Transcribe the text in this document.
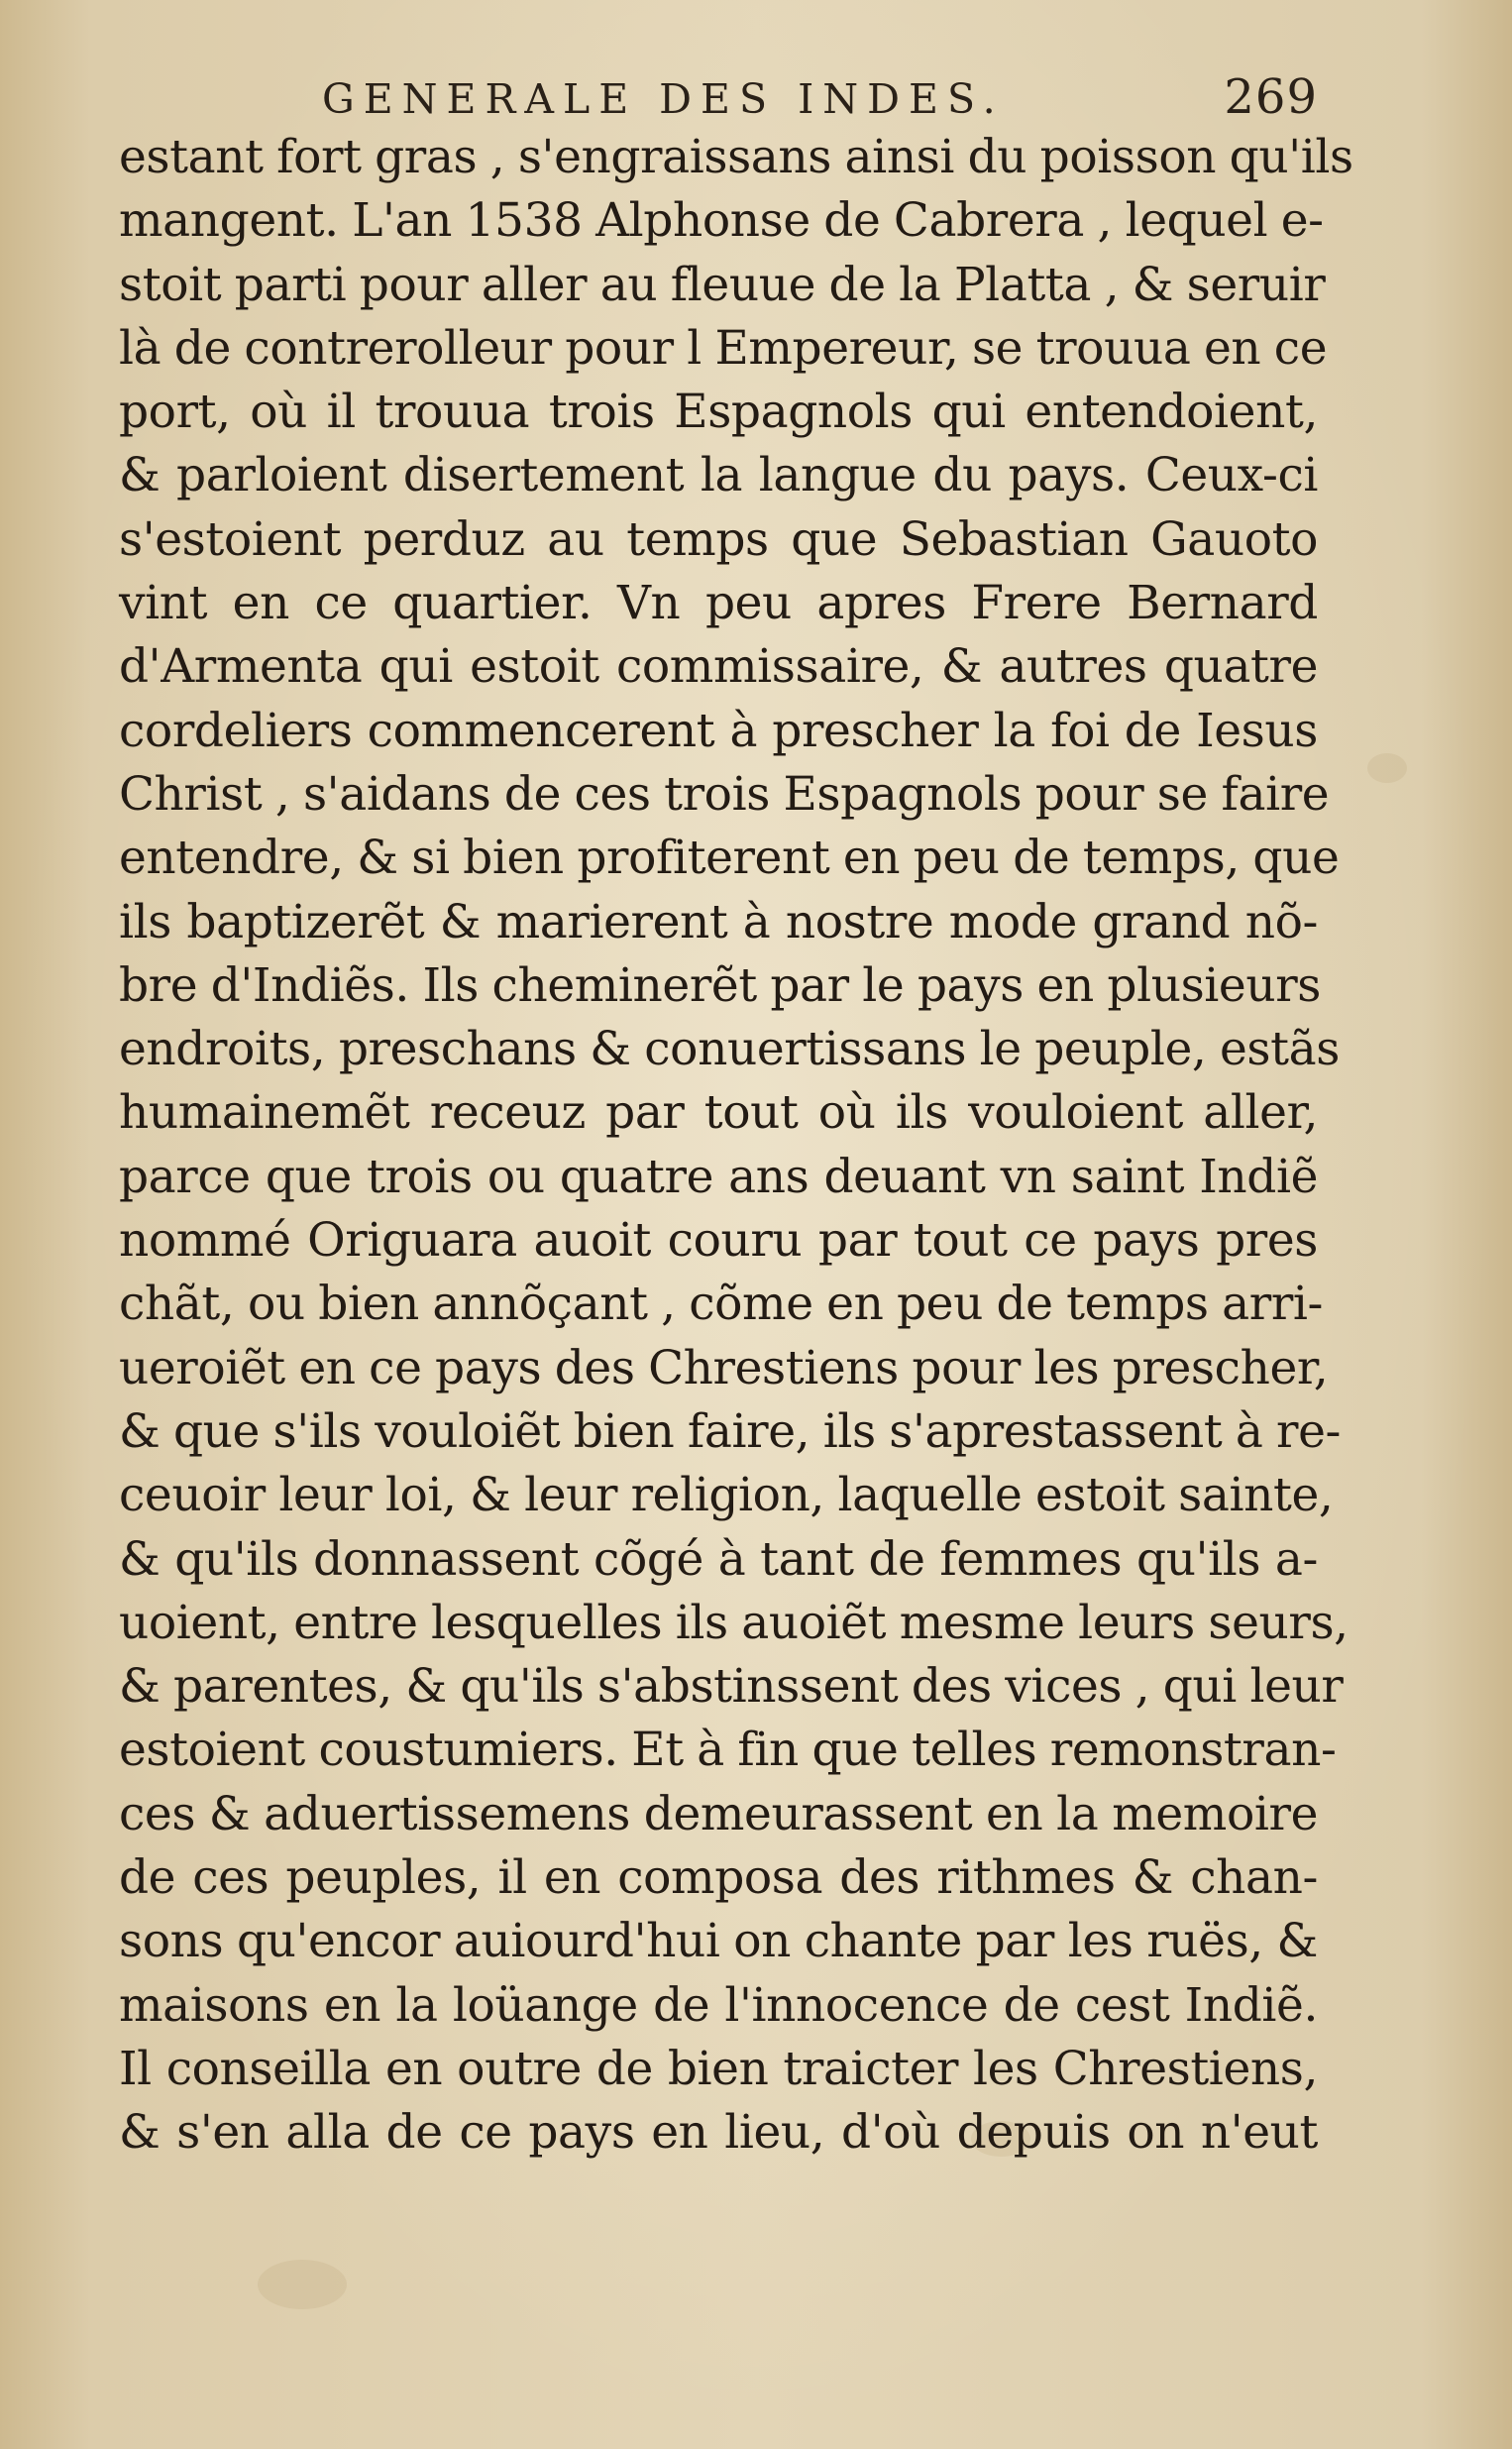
GENERALE DES INDES.	269
estant fort gras , s'engraissans ainsi du poisson qu'ils
mangent. L'an 1538 Alphonse de Cabrera , lequel e-
stoit parti pour aller au fleuue de la Platta , & seruir
là de contrerolleur pour l Empereur, se trouua en ce
port, où il trouua trois Espagnols qui entendoient,
& parloient disertement la langue du pays. Ceux-ci
s'estoient perduz au temps que Sebastian Gauoto
vint en ce quartier. Vn peu apres Frere Bernard
d'Armenta qui estoit commissaire, & autres quatre
cordeliers commencerent à prescher la foi de Iesus
Christ , s'aidans de ces trois Espagnols pour se faire
entendre, & si bien profiterent en peu de temps, que
ils baptizerẽt & marierent à nostre mode grand nõ-
bre d'Indiẽs. Ils cheminerẽt par le pays en plusieurs
endroits, preschans & conuertissans le peuple, estãs
humainemẽt receuz par tout où ils vouloient aller,
parce que trois ou quatre ans deuant vn saint Indiẽ
nommé Origuara auoit couru par tout ce pays pres
chãt, ou bien annõçant , cõme en peu de temps arri-
ueroiẽt en ce pays des Chrestiens pour les prescher,
& que s'ils vouloiẽt bien faire, ils s'aprestassent à re-
ceuoir leur loi, & leur religion, laquelle estoit sainte,
& qu'ils donnassent cõgé à tant de femmes qu'ils a-
uoient, entre lesquelles ils auoiẽt mesme leurs seurs,
& parentes, & qu'ils s'abstinssent des vices , qui leur
estoient coustumiers. Et à fin que telles remonstran-
ces & aduertissemens demeurassent en la memoire
de ces peuples, il en composa des rithmes & chan-
sons qu'encor auiourd'hui on chante par les ruës, &
maisons en la loüange de l'innocence de cest Indiẽ.
Il conseilla en outre de bien traicter les Chrestiens,
& s'en alla de ce pays en lieu, d'où depuis on n'eut
